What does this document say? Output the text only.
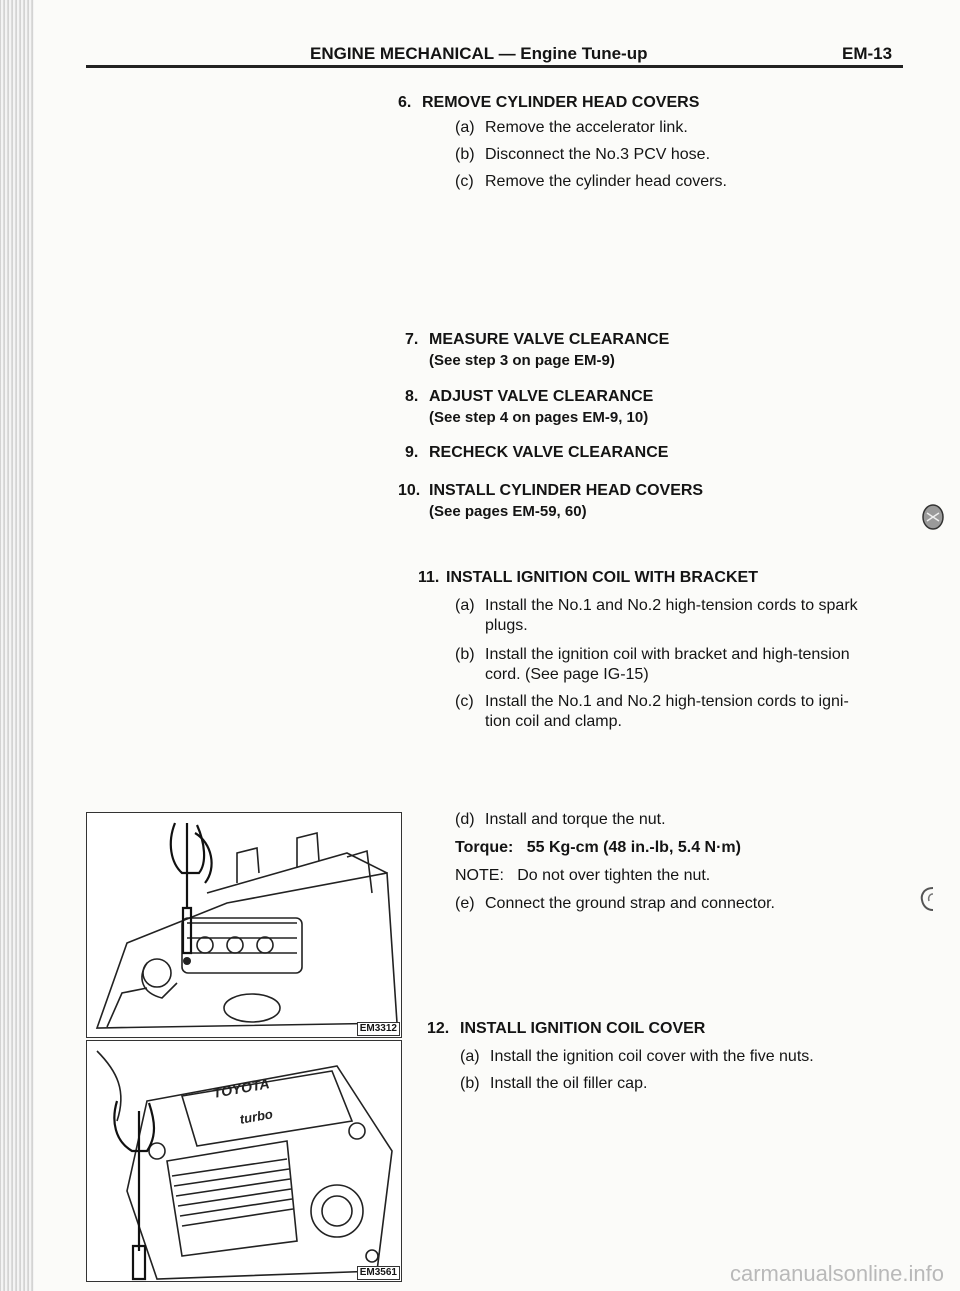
ENGINE MECHANICAL — Engine Tune-up	EM-13
6. REMOVE CYLINDER HEAD COVERS
(a) Remove the accelerator link.
(b) Disconnect the No.3 PCV hose.
(c) Remove the cylinder head covers.
7. MEASURE VALVE CLEARANCE
(See step 3 on page EM-9)
8. ADJUST VALVE CLEARANCE
(See step 4 on pages EM-9, 10)
9. RECHECK VALVE CLEARANCE
10. INSTALL CYLINDER HEAD COVERS
(See pages EM-59, 60)
11. INSTALL IGNITION COIL WITH BRACKET
(a) Install the No.1 and No.2 high-tension cords to spark
plugs.
(b) Install the ignition coil with bracket and high-tension
cord. (See page IG-15)
(c) Install the No.1 and No.2 high-tension cords to igni-
tion coil and clamp.
(d) Install and torque the nut.
Torque: 55 Kg-cm (48 in.-lb, 5.4 N·m)
NOTE: Do not over tighten the nut.
(e) Connect the ground strap and connector.
12. INSTALL IGNITION COIL COVER
(a) Install the ignition coil cover with the five nuts.
(b) Install the oil filler cap.
EM3312
TOYOTA
turbo
EM3561	carmanualsonline.info
